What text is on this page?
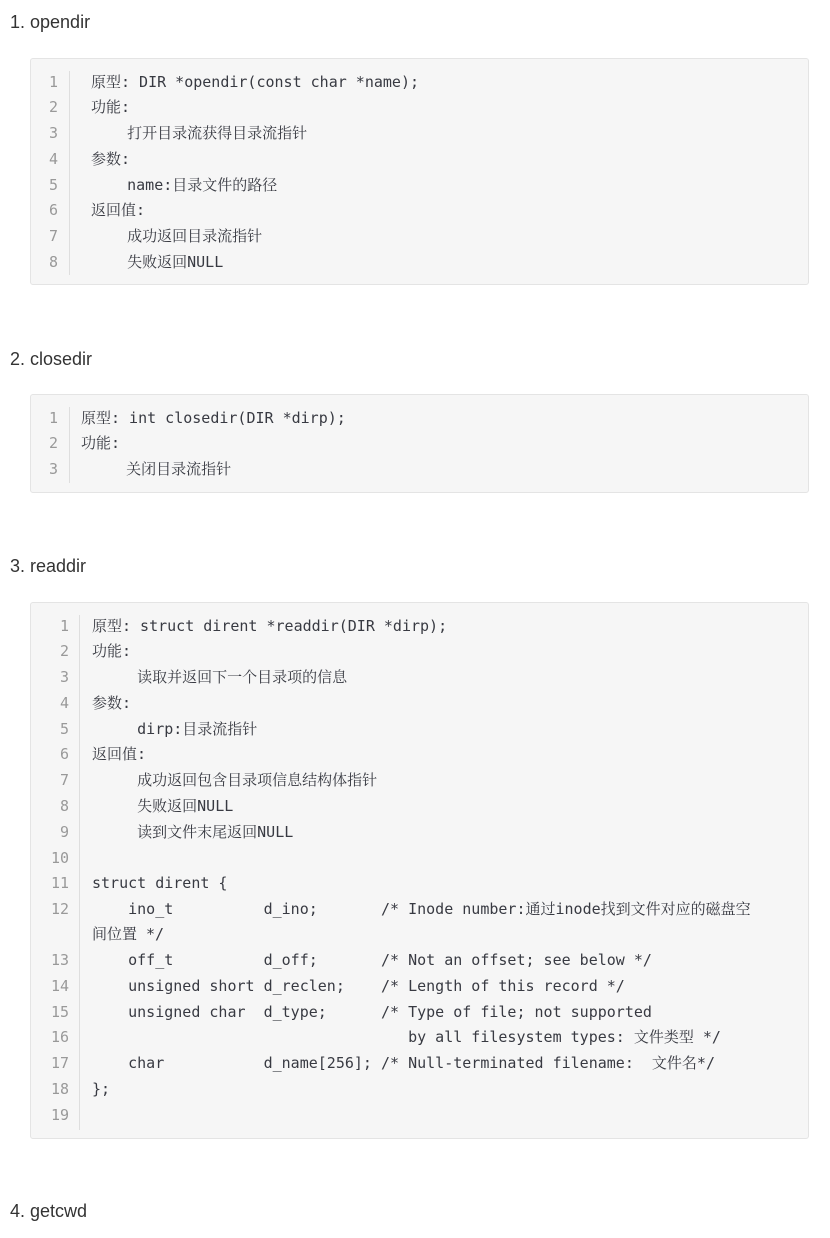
1. opendir
1
2
3
4
5
6
7
8
原型: DIR *opendir(const char *name);
功能:
打开目录流获得目录流指针
参数:
name:目录文件的路径
返回值:
成功返回目录流指针
失败返回NULL
2. closedir
1
2
3
原型: int closedir(DIR *dirp);
功能:
关闭目录流指针
3. readdir
1
2
3
4
5
6
7
8
9
10
11
12
13
14
15
16
17
18
19
原型: struct dirent *readdir(DIR *dirp);
功能:
读取并返回下一个目录项的信息
参数:
dirp:目录流指针
返回值:
成功返回包含目录项信息结构体指针
失败返回NULL
读到文件末尾返回NULL
struct dirent {
ino_t          d_ino;       /* Inode number:通过inode找到文件对应的磁盘空
间位置 */
off_t          d_off;       /* Not an offset; see below */
unsigned short d_reclen;    /* Length of this record */
unsigned char  d_type;      /* Type of file; not supported
by all filesystem types: 文件类型 */
char           d_name[256]; /* Null-terminated filename:  文件名*/
};
4. getcwd
